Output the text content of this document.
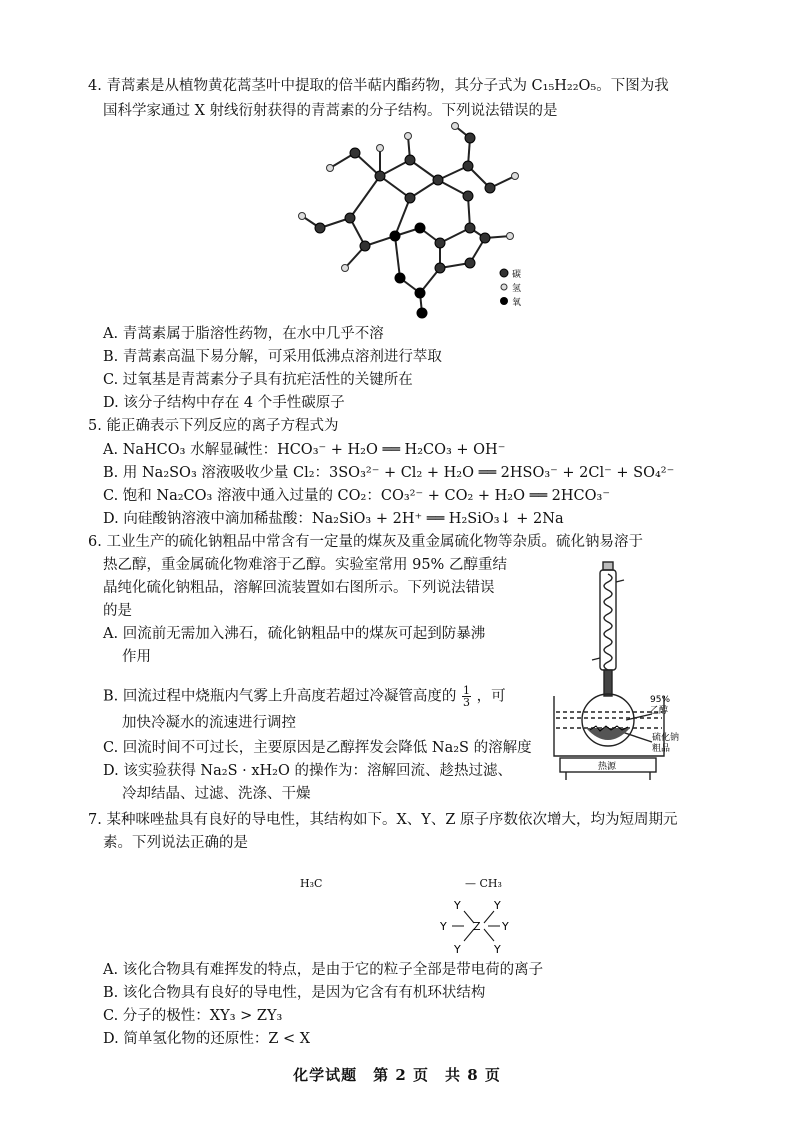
4. 青蒿素是从植物黄花蒿茎叶中提取的倍半萜内酯药物，其分子式为 C₁₅H₂₂O₅。下图为我
国科学家通过 X 射线衍射获得的青蒿素的分子结构。下列说法错误的是
碳
氢
氧
A. 青蒿素属于脂溶性药物，在水中几乎不溶
B. 青蒿素高温下易分解，可采用低沸点溶剂进行萃取
C. 过氧基是青蒿素分子具有抗疟活性的关键所在
D. 该分子结构中存在 4 个手性碳原子
5. 能正确表示下列反应的离子方程式为
A. NaHCO₃ 水解显碱性：HCO₃⁻ + H₂O ══ H₂CO₃ + OH⁻
B. 用 Na₂SO₃ 溶液吸收少量 Cl₂：3SO₃²⁻ + Cl₂ + H₂O ══ 2HSO₃⁻ + 2Cl⁻ + SO₄²⁻
C. 饱和 Na₂CO₃ 溶液中通入过量的 CO₂：CO₃²⁻ + CO₂ + H₂O ══ 2HCO₃⁻
D. 向硅酸钠溶液中滴加稀盐酸：Na₂SiO₃ + 2H⁺ ══ H₂SiO₃↓ + 2Na
6. 工业生产的硫化钠粗品中常含有一定量的煤灰及重金属硫化物等杂质。硫化钠易溶于
热乙醇，重金属硫化物难溶于乙醇。实验室常用 95% 乙醇重结
晶纯化硫化钠粗品，溶解回流装置如右图所示。下列说法错误
的是
A. 回流前无需加入沸石，硫化钠粗品中的煤灰可起到防暴沸
作用
B. 回流过程中烧瓶内气雾上升高度若超过冷凝管高度的 $\frac{1}{3}$ ，可
加快冷凝水的流速进行调控
C. 回流时间不可过长，主要原因是乙醇挥发会降低 Na₂S 的溶解度
D. 该实验获得 Na₂S · xH₂O 的操作为：溶解回流、趁热过滤、
冷却结晶、过滤、洗涤、干燥
95%
乙醇
硫化钠
粗品
热源
7. 某种咪唑盐具有良好的导电性，其结构如下。X、Y、Z 原子序数依次增大，均为短周期元
素。下列说法正确的是
H₃C	— CH₃
Y	Y
Y	Y
Z
Y	Y
A. 该化合物具有难挥发的特点，是由于它的粒子全部是带电荷的离子
B. 该化合物具有良好的导电性，是因为它含有有机环状结构
C. 分子的极性：XY₃ > ZY₃
D. 简单氢化物的还原性：Z < X
化学试题　第 2 页　共 8 页
